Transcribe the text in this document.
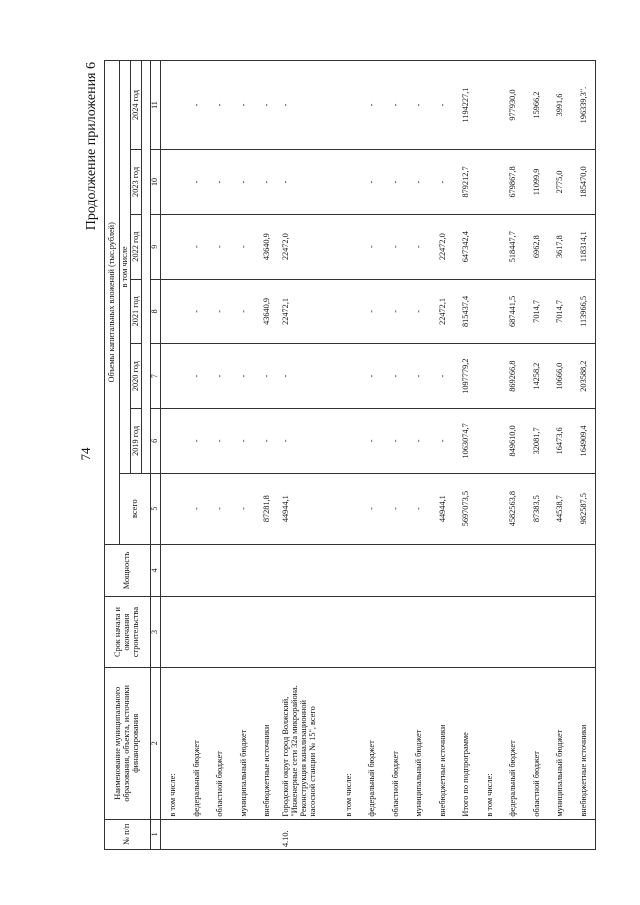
74
Продолжение приложения 6
№ п/п	Наименование муниципального образования, объекта, источники финансирования	Срок начала и окончания строительства	Мощность	Объемы капитальных вложений (тыс.рублей)						
				всего	в том числе					
					2019 год	2020 год	2021 год	2022 год	2023 год	2024 год

1	2	3	4	5	6	7	8	9	10	11
	в том числе:									
	федеральный бюджет			-	-	-	-	-	-	-
	областной бюджет			-	-	-	-	-	-	-
	муниципальный бюджет			-	-	-	-	-	-	-
	внебюджетные источники			87281,8	-	-	43640,9	43640,9	-	-
4.10.	Городской округ город Волжский, "Инженерные сети 32а микрорайона. Реконструкция канализационной насосной станции № 15", всего			44944,1	-	-	22472,1	22472,0	-	-
	в том числе:									
	федеральный бюджет			-	-	-	-	-	-	-
	областной бюджет			-	-	-	-	-	-	-
	муниципальный бюджет			-	-	-	-	-	-	-
	внебюджетные источники			44944,1	-	-	22472,1	22472,0	-	-
	Итого по подпрограмме			5697073,5	1063074,7	1097779,2	815437,4	647342,4	879212,7	1194227,1
	в том числе:									
	федеральный бюджет			4582563,8	849610,0	869266,8	687441,5	518447,7	679867,8	977930,0
	областной бюджет			87383,5	32081,7	14258,2	7014,7	6962,8	11099,9	15966,2
	муниципальный бюджет			44538,7	16473,6	10666,0	7014,7	3617,8	2775,0	3991,6
	внебюджетные источники			982587,5	164909,4	203588,2	113966,5	118314,1	185470,0	196339,3".
